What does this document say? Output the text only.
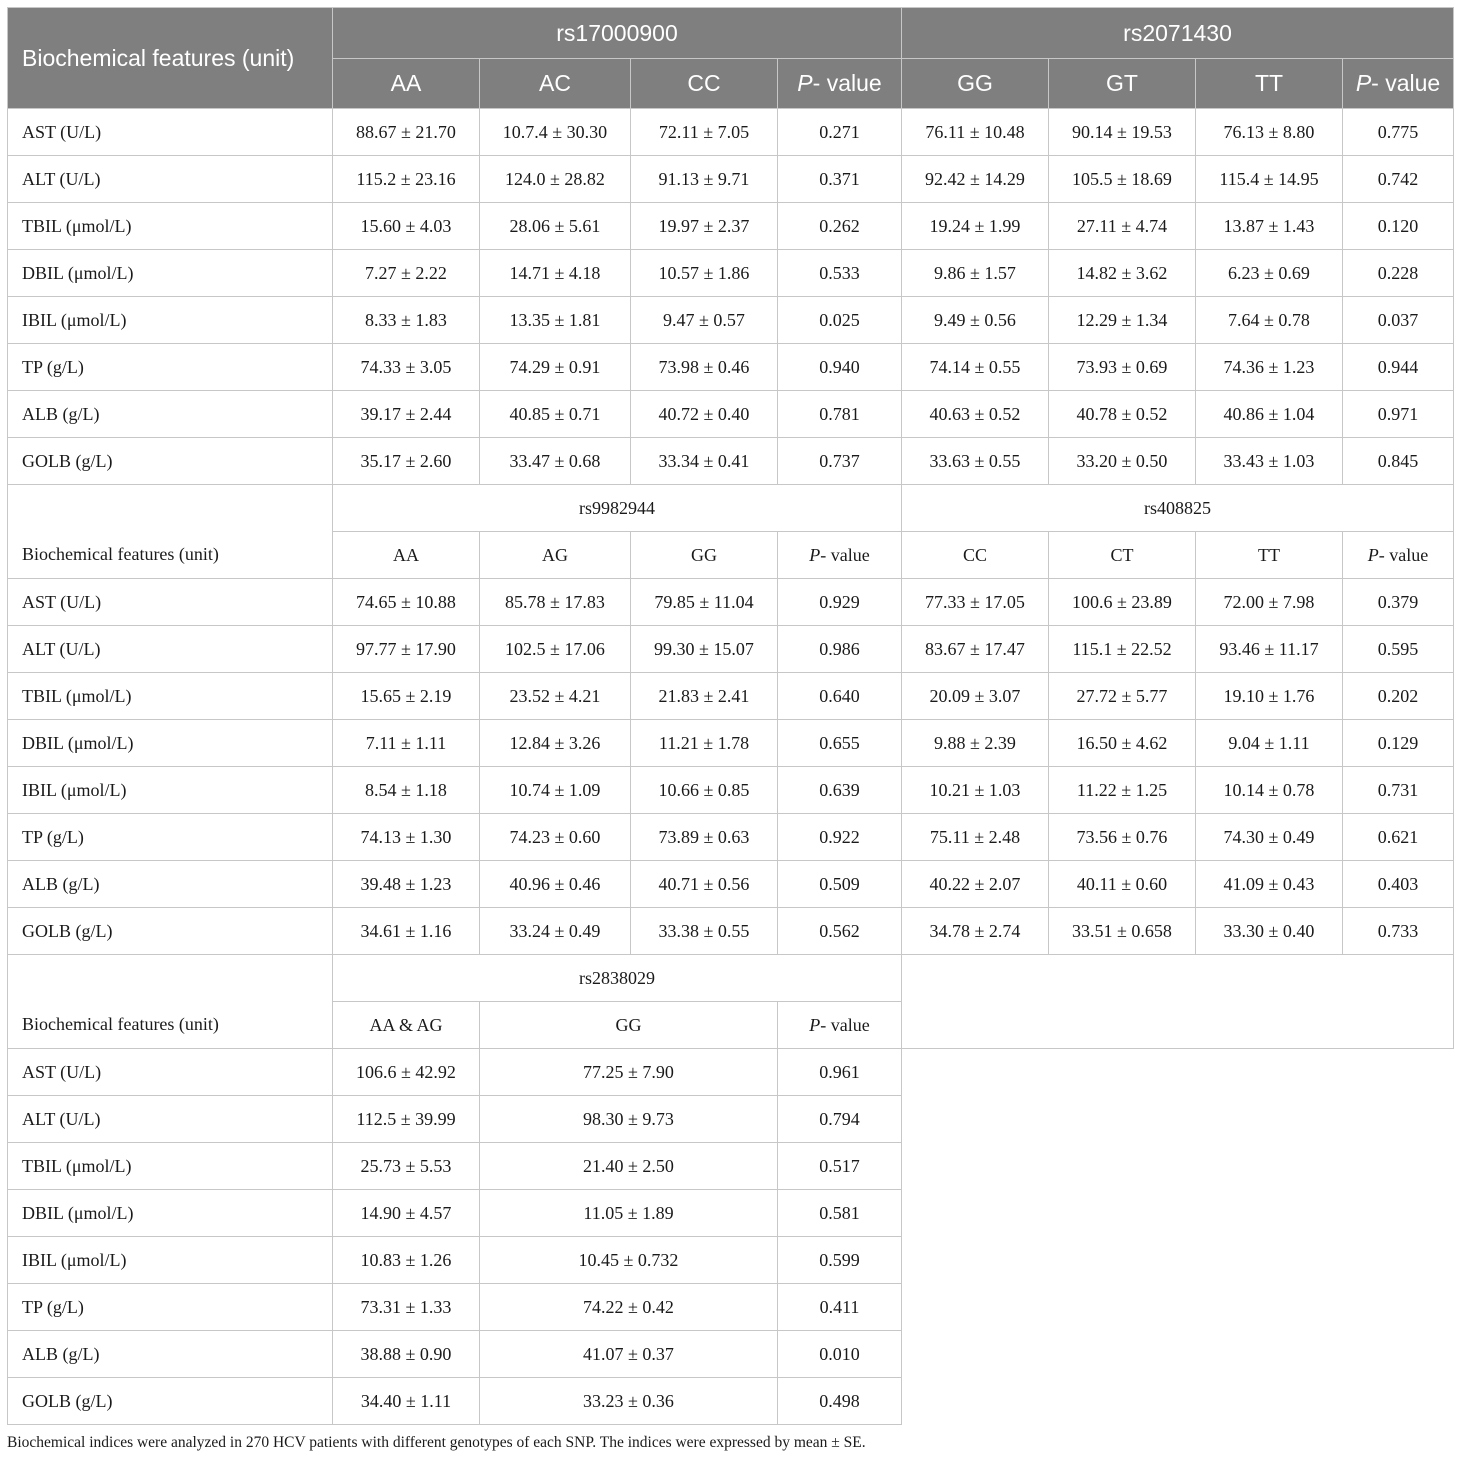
Biochemical features (unit)	rs17000900				rs2071430			
	AA	AC	CC	P- value	GG	GT	TT	P- value
AST (U/L)	88.67 ± 21.70	10.7.4 ± 30.30	72.11 ± 7.05	0.271	76.11 ± 10.48	90.14 ± 19.53	76.13 ± 8.80	0.775
ALT (U/L)	115.2 ± 23.16	124.0 ± 28.82	91.13 ± 9.71	0.371	92.42 ± 14.29	105.5 ± 18.69	115.4 ± 14.95	0.742
TBIL (μmol/L)	15.60 ± 4.03	28.06 ± 5.61	19.97 ± 2.37	0.262	19.24 ± 1.99	27.11 ± 4.74	13.87 ± 1.43	0.120
DBIL (μmol/L)	7.27 ± 2.22	14.71 ± 4.18	10.57 ± 1.86	0.533	9.86 ± 1.57	14.82 ± 3.62	6.23 ± 0.69	0.228
IBIL (μmol/L)	8.33 ± 1.83	13.35 ± 1.81	9.47 ± 0.57	0.025	9.49 ± 0.56	12.29 ± 1.34	7.64 ± 0.78	0.037
TP (g/L)	74.33 ± 3.05	74.29 ± 0.91	73.98 ± 0.46	0.940	74.14 ± 0.55	73.93 ± 0.69	74.36 ± 1.23	0.944
ALB (g/L)	39.17 ± 2.44	40.85 ± 0.71	40.72 ± 0.40	0.781	40.63 ± 0.52	40.78 ± 0.52	40.86 ± 1.04	0.971
GOLB (g/L)	35.17 ± 2.60	33.47 ± 0.68	33.34 ± 0.41	0.737	33.63 ± 0.55	33.20 ± 0.50	33.43 ± 1.03	0.845
	rs9982944				rs408825			
Biochemical features (unit)	AA	AG	GG	P- value	CC	CT	TT	P- value
AST (U/L)	74.65 ± 10.88	85.78 ± 17.83	79.85 ± 11.04	0.929	77.33 ± 17.05	100.6 ± 23.89	72.00 ± 7.98	0.379
ALT (U/L)	97.77 ± 17.90	102.5 ± 17.06	99.30 ± 15.07	0.986	83.67 ± 17.47	115.1 ± 22.52	93.46 ± 11.17	0.595
TBIL (μmol/L)	15.65 ± 2.19	23.52 ± 4.21	21.83 ± 2.41	0.640	20.09 ± 3.07	27.72 ± 5.77	19.10 ± 1.76	0.202
DBIL (μmol/L)	7.11 ± 1.11	12.84 ± 3.26	11.21 ± 1.78	0.655	9.88 ± 2.39	16.50 ± 4.62	9.04 ± 1.11	0.129
IBIL (μmol/L)	8.54 ± 1.18	10.74 ± 1.09	10.66 ± 0.85	0.639	10.21 ± 1.03	11.22 ± 1.25	10.14 ± 0.78	0.731
TP (g/L)	74.13 ± 1.30	74.23 ± 0.60	73.89 ± 0.63	0.922	75.11 ± 2.48	73.56 ± 0.76	74.30 ± 0.49	0.621
ALB (g/L)	39.48 ± 1.23	40.96 ± 0.46	40.71 ± 0.56	0.509	40.22 ± 2.07	40.11 ± 0.60	41.09 ± 0.43	0.403
GOLB (g/L)	34.61 ± 1.16	33.24 ± 0.49	33.38 ± 0.55	0.562	34.78 ± 2.74	33.51 ± 0.658	33.30 ± 0.40	0.733
	rs2838029							
Biochemical features (unit)	AA & AG	GG		P- value				
AST (U/L)	106.6 ± 42.92	77.25 ± 7.90		0.961				
ALT (U/L)	112.5 ± 39.99	98.30 ± 9.73		0.794				
TBIL (μmol/L)	25.73 ± 5.53	21.40 ± 2.50		0.517				
DBIL (μmol/L)	14.90 ± 4.57	11.05 ± 1.89		0.581				
IBIL (μmol/L)	10.83 ± 1.26	10.45 ± 0.732		0.599				
TP (g/L)	73.31 ± 1.33	74.22 ± 0.42		0.411				
ALB (g/L)	38.88 ± 0.90	41.07 ± 0.37		0.010				
GOLB (g/L)	34.40 ± 1.11	33.23 ± 0.36		0.498				
Biochemical indices were analyzed in 270 HCV patients with different genotypes of each SNP. The indices were expressed by mean ± SE.
